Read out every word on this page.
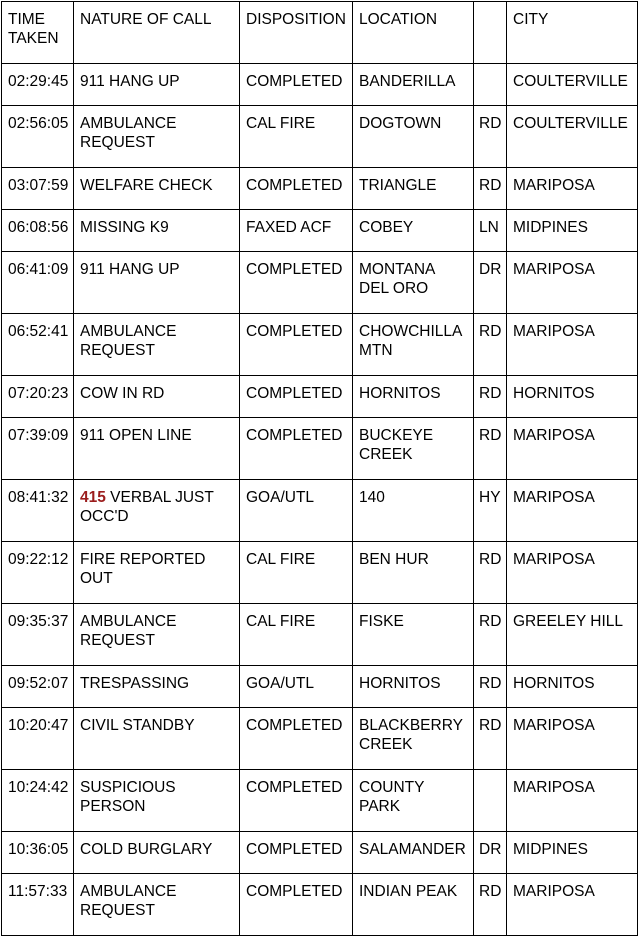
TIME TAKEN	NATURE OF CALL	DISPOSITION	LOCATION		CITY
02:29:45	911 HANG UP	COMPLETED	BANDERILLA		COULTERVILLE
02:56:05	AMBULANCE REQUEST	CAL FIRE	DOGTOWN	RD	COULTERVILLE
03:07:59	WELFARE CHECK	COMPLETED	TRIANGLE	RD	MARIPOSA
06:08:56	MISSING K9	FAXED ACF	COBEY	LN	MIDPINES
06:41:09	911 HANG UP	COMPLETED	MONTANA DEL ORO	DR	MARIPOSA
06:52:41	AMBULANCE REQUEST	COMPLETED	CHOWCHILLA MTN	RD	MARIPOSA
07:20:23	COW IN RD	COMPLETED	HORNITOS	RD	HORNITOS
07:39:09	911 OPEN LINE	COMPLETED	BUCKEYE CREEK	RD	MARIPOSA
08:41:32	415 VERBAL JUST OCC'D	GOA/UTL	140	HY	MARIPOSA
09:22:12	FIRE REPORTED OUT	CAL FIRE	BEN HUR	RD	MARIPOSA
09:35:37	AMBULANCE REQUEST	CAL FIRE	FISKE	RD	GREELEY HILL
09:52:07	TRESPASSING	GOA/UTL	HORNITOS	RD	HORNITOS
10:20:47	CIVIL STANDBY	COMPLETED	BLACKBERRY CREEK	RD	MARIPOSA
10:24:42	SUSPICIOUS PERSON	COMPLETED	COUNTY PARK		MARIPOSA
10:36:05	COLD BURGLARY	COMPLETED	SALAMANDER	DR	MIDPINES
11:57:33	AMBULANCE REQUEST	COMPLETED	INDIAN PEAK	RD	MARIPOSA
